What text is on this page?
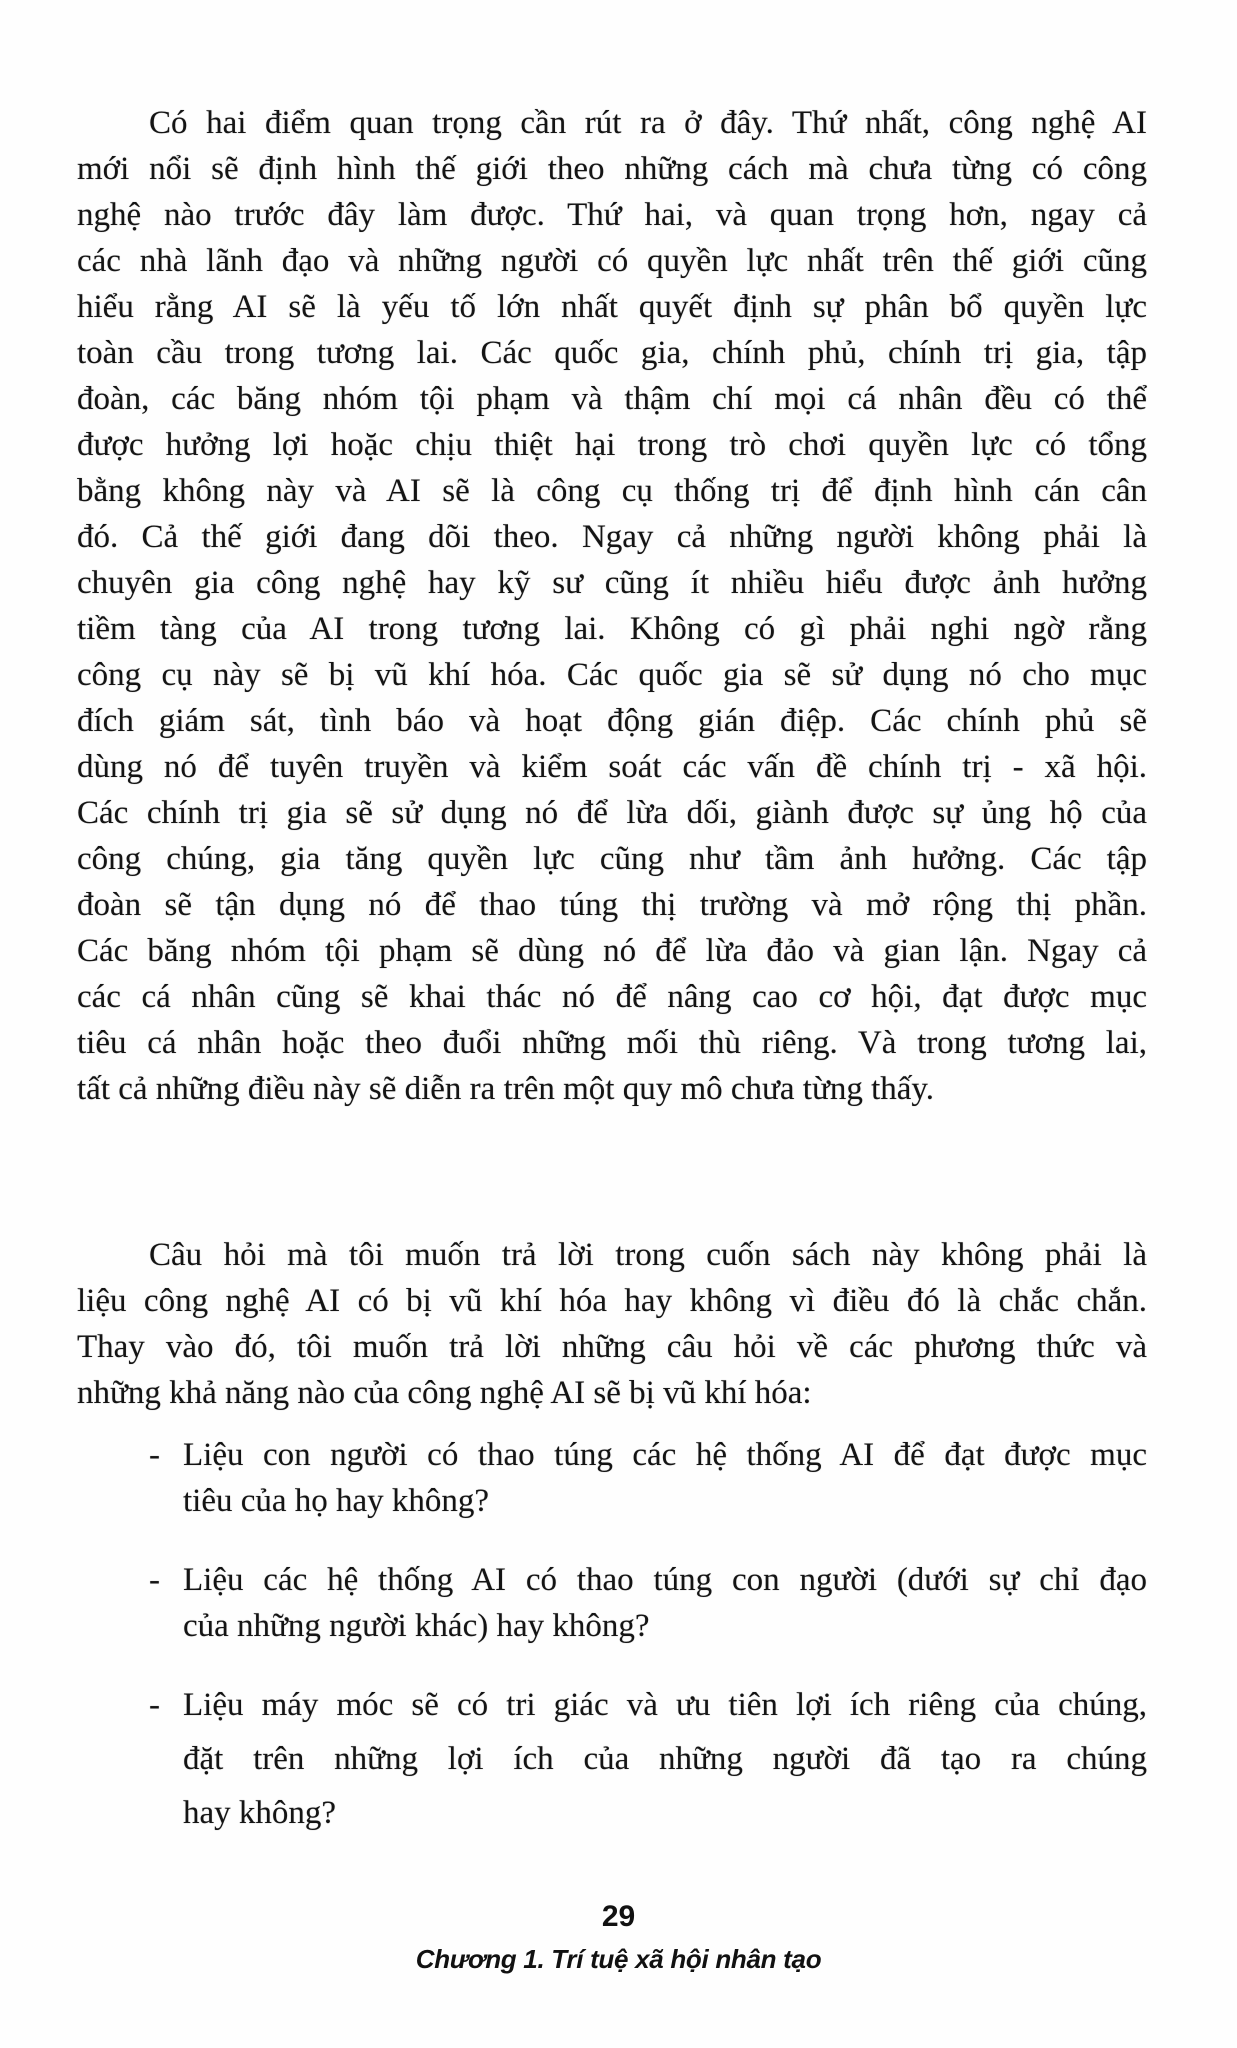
Có hai điểm quan trọng cần rút ra ở đây. Thứ nhất, công nghệ AI
mới nổi sẽ định hình thế giới theo những cách mà chưa từng có công
nghệ nào trước đây làm được. Thứ hai, và quan trọng hơn, ngay cả
các nhà lãnh đạo và những người có quyền lực nhất trên thế giới cũng
hiểu rằng AI sẽ là yếu tố lớn nhất quyết định sự phân bổ quyền lực
toàn cầu trong tương lai. Các quốc gia, chính phủ, chính trị gia, tập
đoàn, các băng nhóm tội phạm và thậm chí mọi cá nhân đều có thể
được hưởng lợi hoặc chịu thiệt hại trong trò chơi quyền lực có tổng
bằng không này và AI sẽ là công cụ thống trị để định hình cán cân
đó. Cả thế giới đang dõi theo. Ngay cả những người không phải là
chuyên gia công nghệ hay kỹ sư cũng ít nhiều hiểu được ảnh hưởng
tiềm tàng của AI trong tương lai. Không có gì phải nghi ngờ rằng
công cụ này sẽ bị vũ khí hóa. Các quốc gia sẽ sử dụng nó cho mục
đích giám sát, tình báo và hoạt động gián điệp. Các chính phủ sẽ
dùng nó để tuyên truyền và kiểm soát các vấn đề chính trị - xã hội.
Các chính trị gia sẽ sử dụng nó để lừa dối, giành được sự ủng hộ của
công chúng, gia tăng quyền lực cũng như tầm ảnh hưởng. Các tập
đoàn sẽ tận dụng nó để thao túng thị trường và mở rộng thị phần.
Các băng nhóm tội phạm sẽ dùng nó để lừa đảo và gian lận. Ngay cả
các cá nhân cũng sẽ khai thác nó để nâng cao cơ hội, đạt được mục
tiêu cá nhân hoặc theo đuổi những mối thù riêng. Và trong tương lai,
tất cả những điều này sẽ diễn ra trên một quy mô chưa từng thấy.
Câu hỏi mà tôi muốn trả lời trong cuốn sách này không phải là
liệu công nghệ AI có bị vũ khí hóa hay không vì điều đó là chắc chắn.
Thay vào đó, tôi muốn trả lời những câu hỏi về các phương thức và
những khả năng nào của công nghệ AI sẽ bị vũ khí hóa:
- Liệu con người có thao túng các hệ thống AI để đạt được mục
tiêu của họ hay không?
- Liệu các hệ thống AI có thao túng con người (dưới sự chỉ đạo
của những người khác) hay không?
- Liệu máy móc sẽ có tri giác và ưu tiên lợi ích riêng của chúng,
đặt trên những lợi ích của những người đã tạo ra chúng
hay không?
29
Chương 1. Trí tuệ xã hội nhân tạo
